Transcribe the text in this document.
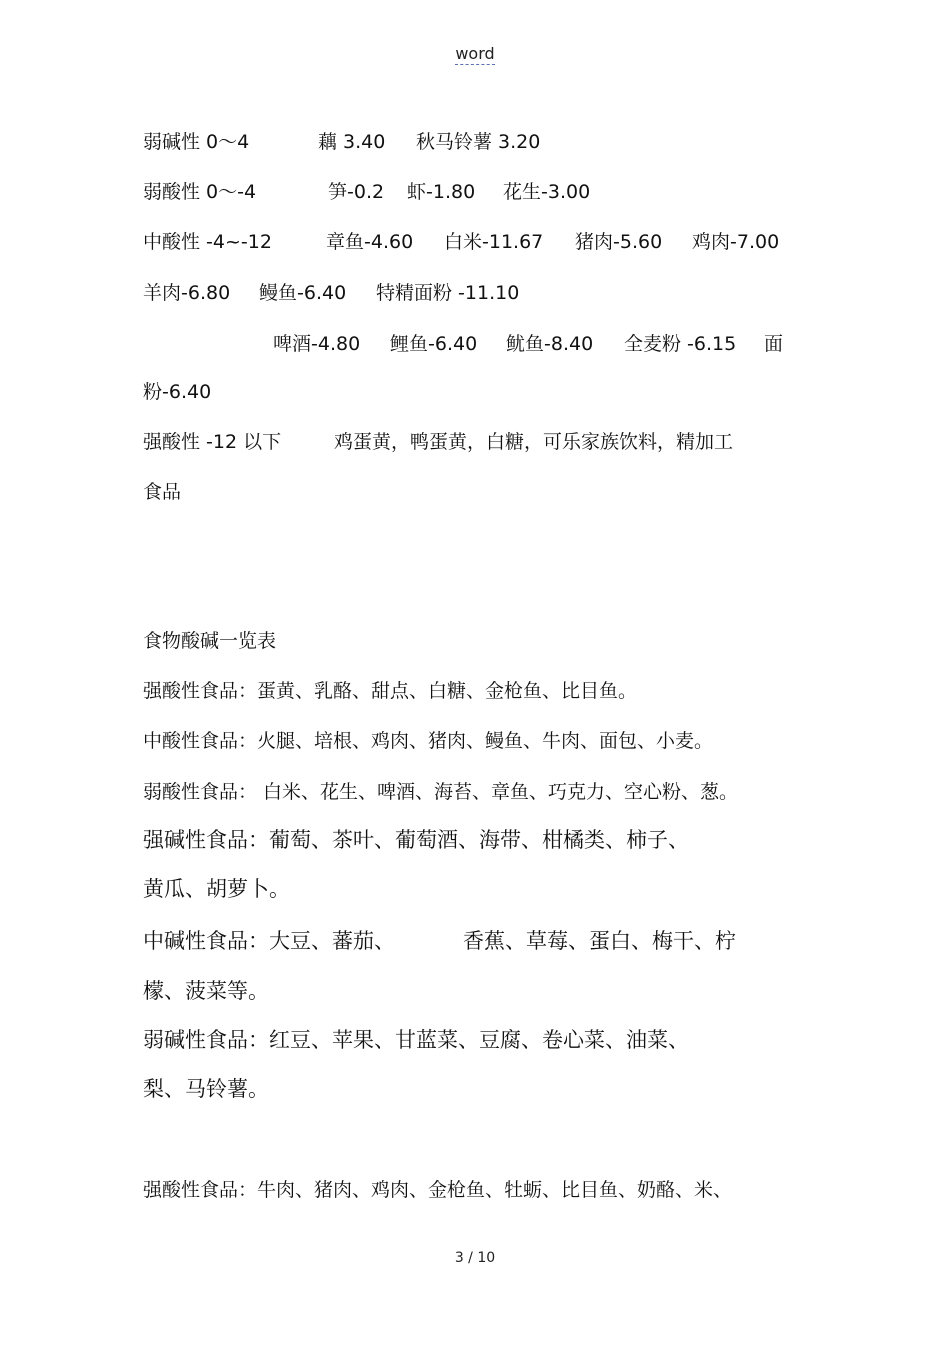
word
弱碱性 0～4	藕 3.40 秋马铃薯 3.20
弱酸性 0～-4	笋-0.2 虾-1.80 花生-3.00
中酸性 -4~-12	章鱼-4.60 白米-11.67 猪肉-5.60 鸡肉-7.00
羊肉-6.80 鳗鱼-6.40 特精面粉 -11.10
啤酒-4.80 鲤鱼-6.40 鱿鱼-8.40 全麦粉 -6.15 面
粉-6.40
强酸性 -12 以下	鸡蛋黄，鸭蛋黄，白糖，可乐家族饮料，精加工
食品
食物酸碱一览表
强酸性食品：蛋黄、乳酪、甜点、白糖、金枪鱼、比目鱼。
中酸性食品：火腿、培根、鸡肉、猪肉、鳗鱼、牛肉、面包、小麦。
弱酸性食品： 白米、花生、啤酒、海苔、章鱼、巧克力、空心粉、葱。
强碱性食品：葡萄、茶叶、葡萄酒、海带、柑橘类、柿子、
黄瓜、胡萝卜。
中碱性食品：大豆、蕃茄、	香蕉、草莓、蛋白、梅干、柠
檬、菠菜等。
弱碱性食品：红豆、苹果、甘蓝菜、豆腐、卷心菜、油菜、
梨、马铃薯。
强酸性食品：牛肉、猪肉、鸡肉、金枪鱼、牡蛎、比目鱼、奶酪、米、
3 / 10
